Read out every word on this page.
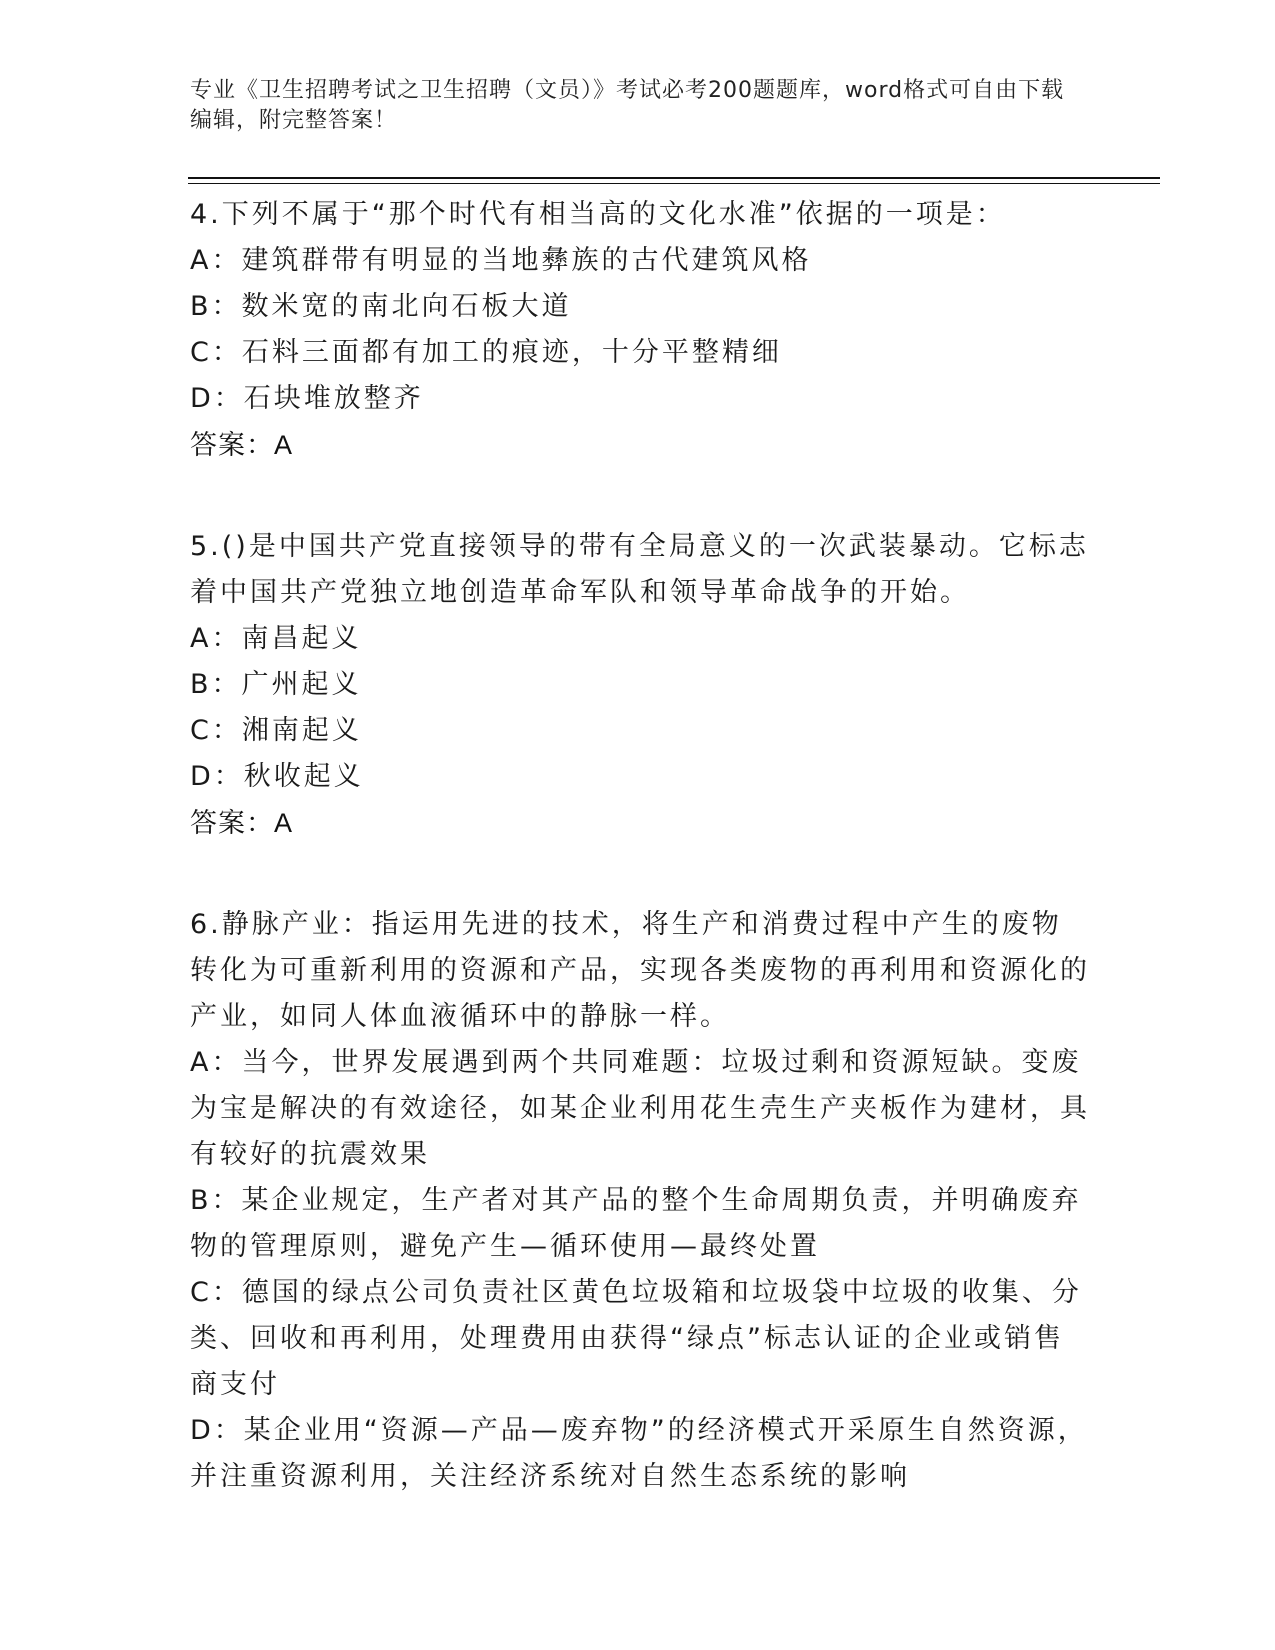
专业《卫生招聘考试之卫生招聘（文员）》考试必考200题题库，word格式可自由下载编辑，附完整答案！
4.下列不属于“那个时代有相当高的文化水准”依据的一项是：
A：建筑群带有明显的当地彝族的古代建筑风格
B：数米宽的南北向石板大道
C：石料三面都有加工的痕迹，十分平整精细
D：石块堆放整齐
答案：A
5.()是中国共产党直接领导的带有全局意义的一次武装暴动。它标志着中国共产党独立地创造革命军队和领导革命战争的开始。
A：南昌起义
B：广州起义
C：湘南起义
D：秋收起义
答案：A
6.静脉产业：指运用先进的技术，将生产和消费过程中产生的废物转化为可重新利用的资源和产品，实现各类废物的再利用和资源化的产业，如同人体血液循环中的静脉一样。
A：当今，世界发展遇到两个共同难题：垃圾过剩和资源短缺。变废为宝是解决的有效途径，如某企业利用花生壳生产夹板作为建材，具有较好的抗震效果
B：某企业规定，生产者对其产品的整个生命周期负责，并明确废弃物的管理原则，避免产生—循环使用—最终处置
C：德国的绿点公司负责社区黄色垃圾箱和垃圾袋中垃圾的收集、分类、回收和再利用，处理费用由获得“绿点”标志认证的企业或销售商支付
D：某企业用“资源—产品—废弃物”的经济模式开采原生自然资源，并注重资源利用，关注经济系统对自然生态系统的影响
